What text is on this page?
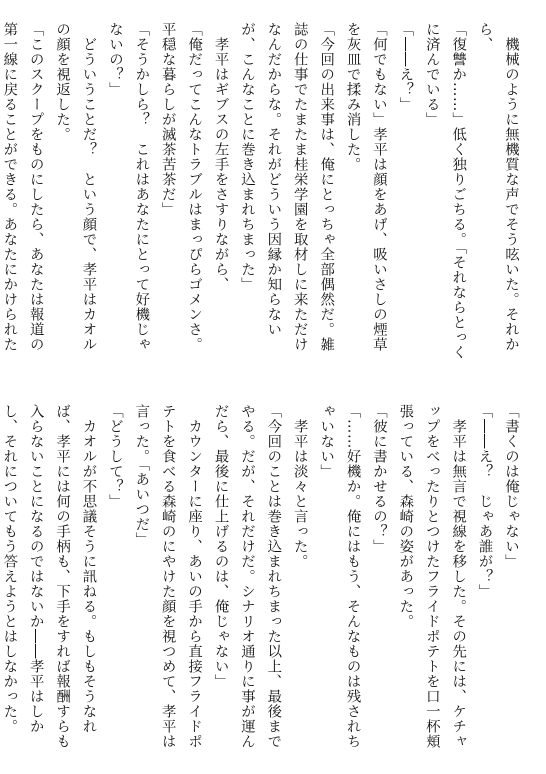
　機械のように無機質な声でそう呟いた。それから、

「復讐か……」低く独りごちる。「それならとっくに済んでいる」

「――え？」

「何でもない」孝平は顔をあげ、吸いさしの煙草を灰皿で揉み消した。

「今回の出来事は、俺にとっちゃ全部偶然だ。雑誌の仕事でたまたま桂栄学園を取材しに来ただけなんだからな。それがどういう因縁か知らないが、こんなことに巻き込まれちまった」

　孝平はギブスの左手をさすりながら、

「俺だってこんなトラブルはまっぴらゴメンさ。平穏な暮らしが滅茶苦茶だ」

「そうかしら？　これはあなたにとって好機じゃないの？」

　どういうことだ？　という顔で、孝平はカオルの顔を視返した。

「このスクープをものにしたら、あなたは報道の第一線に戻ることができる。あなたにかけられた

「書くのは俺じゃない」

「――え？　じゃあ誰が？」

　孝平は無言で視線を移した。その先には、ケチャップをべったりとつけたフライドポテトを口一杯頬張っている、森崎の姿があった。

「彼に書かせるの？」

「……好機か。俺にはもう、そんなものは残されちゃいない」

　孝平は淡々と言った。

「今回のことは巻き込まれちまった以上、最後までやる。だが、それだけだ。シナリオ通りに事が運んだら、最後に仕上げるのは、俺じゃない」

　カウンターに座り、あいの手から直接フライドポテトを食べる森崎のにやけた顔を視つめて、孝平は言った。「あいつだ」

「どうして？」

　カオルが不思議そうに訊ねる。もしもそうなれば、孝平には何の手柄も、下手をすれば報酬すらも入らないことになるのではないか――孝平はしかし、それについてもう答えようとはしなかった。
